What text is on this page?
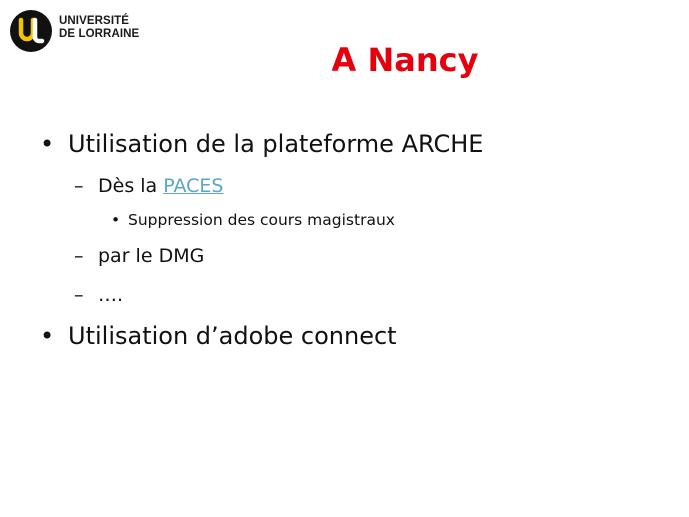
UNIVERSITÉ
DE LORRAINE
A Nancy
• Utilisation de la plateforme ARCHE
– Dès la PACES
• Suppression des cours magistraux
– par le DMG
– ….
• Utilisation d’adobe connect
